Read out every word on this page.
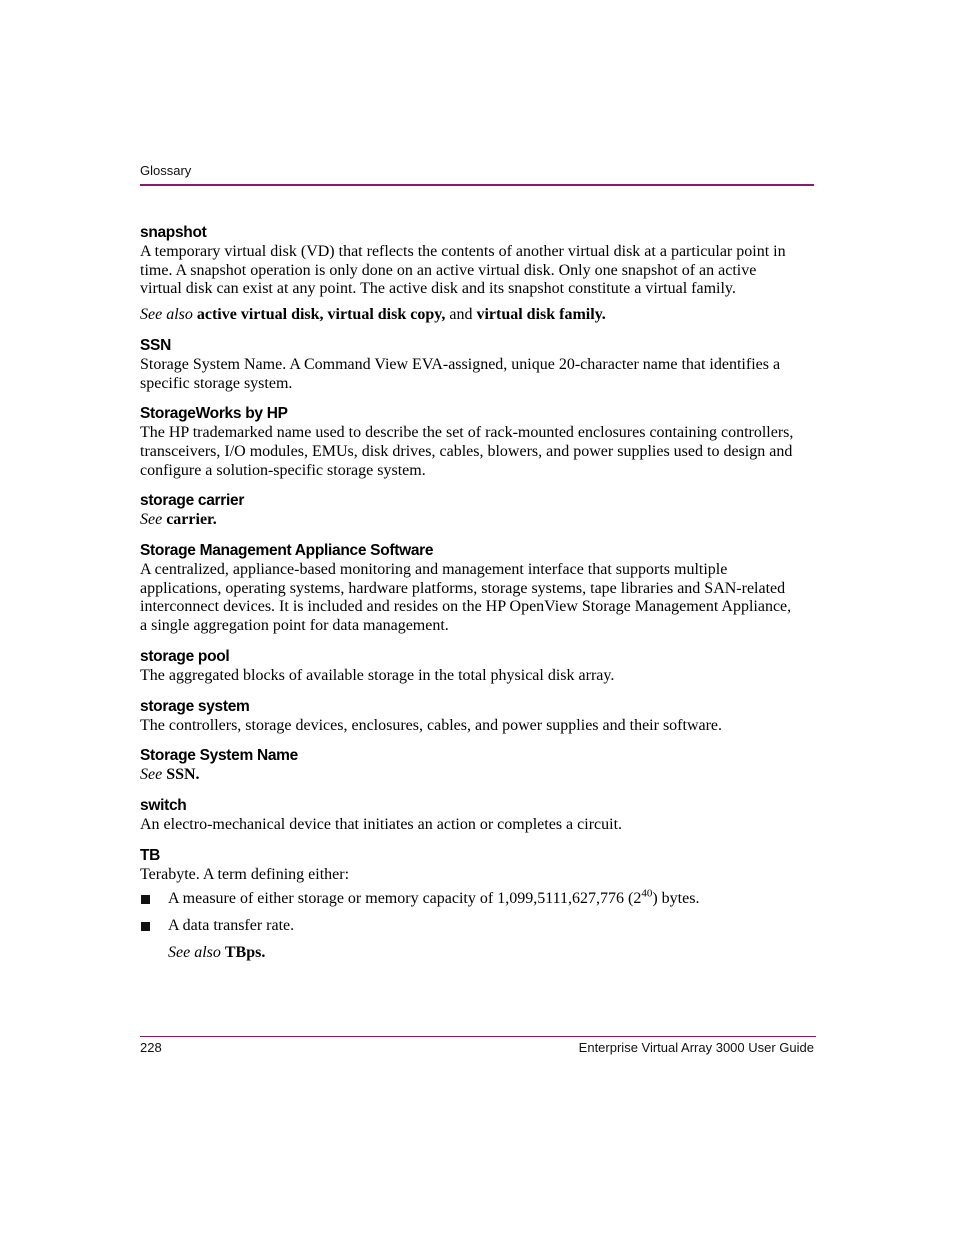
Glossary

snapshot

A temporary virtual disk (VD) that reflects the contents of another virtual disk at a particular point in time. A snapshot operation is only done on an active virtual disk. Only one snapshot of an active virtual disk can exist at any point. The active disk and its snapshot constitute a virtual family.

See also active virtual disk, virtual disk copy, and virtual disk family.

SSN

Storage System Name. A Command View EVA-assigned, unique 20-character name that identifies a specific storage system.

StorageWorks by HP

The HP trademarked name used to describe the set of rack-mounted enclosures containing controllers, transceivers, I/O modules, EMUs, disk drives, cables, blowers, and power supplies used to design and configure a solution-specific storage system.

storage carrier

See carrier.

Storage Management Appliance Software

A centralized, appliance-based monitoring and management interface that supports multiple applications, operating systems, hardware platforms, storage systems, tape libraries and SAN-related interconnect devices. It is included and resides on the HP OpenView Storage Management Appliance, a single aggregation point for data management.

storage pool

The aggregated blocks of available storage in the total physical disk array.

storage system

The controllers, storage devices, enclosures, cables, and power supplies and their software.

Storage System Name

See SSN.

switch

An electro-mechanical device that initiates an action or completes a circuit.

TB

Terabyte. A term defining either:

A measure of either storage or memory capacity of 1,099,5111,627,776 $(2^{40})$ bytes.
A data transfer rate.

See also TBps.

228	Enterprise Virtual Array 3000 User Guide
